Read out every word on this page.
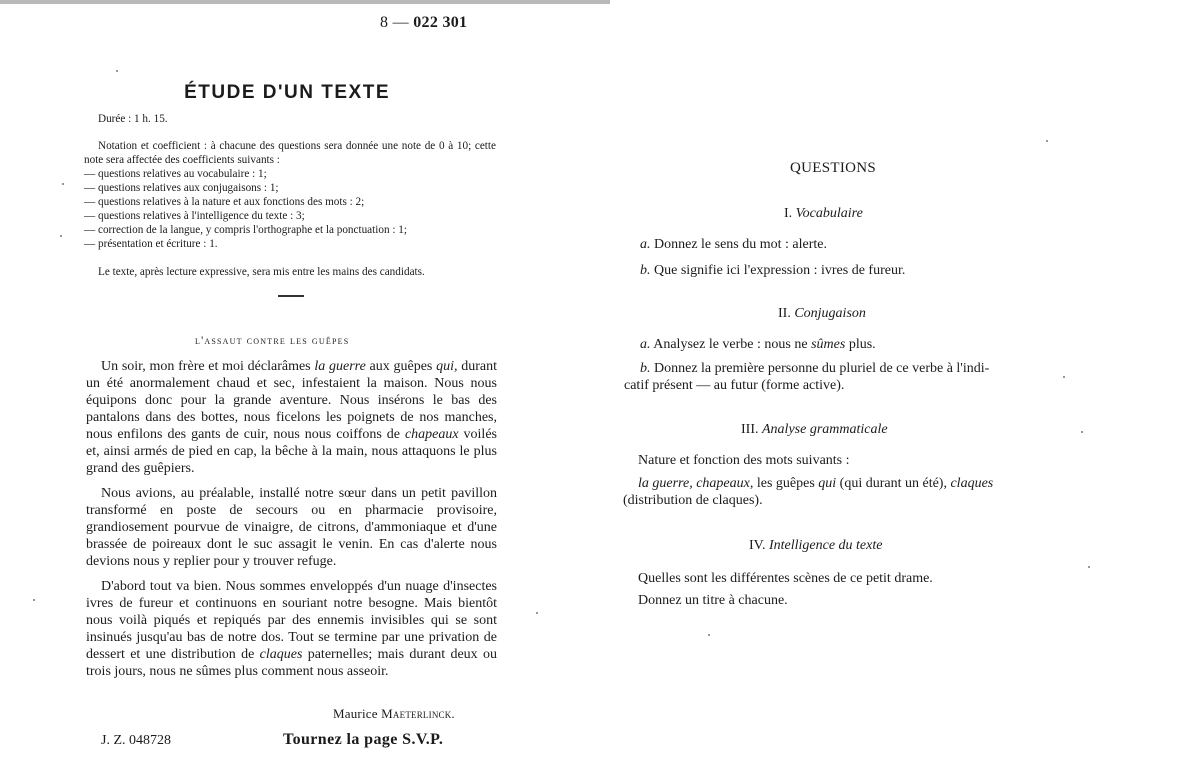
8 — 022 301
ÉTUDE D'UN TEXTE
Durée : 1 h. 15.

Notation et coefficient : à chacune des questions sera donnée une note de 0 à 10; cette note sera affectée des coefficients suivants :

— questions relatives au vocabulaire : 1;
— questions relatives aux conjugaisons : 1;
— questions relatives à la nature et aux fonctions des mots : 2;
— questions relatives à l'intelligence du texte : 3;
— correction de la langue, y compris l'orthographe et la ponctuation : 1;
— présentation et écriture : 1.
Le texte, après lecture expressive, sera mis entre les mains des candidats.
l'assaut contre les guêpes

Un soir, mon frère et moi déclarâmes la guerre aux guêpes qui, durant un été anormalement chaud et sec, infestaient la maison. Nous nous équipons donc pour la grande aventure. Nous insérons le bas des pantalons dans des bottes, nous ficelons les poignets de nos manches, nous enfilons des gants de cuir, nous nous coiffons de chapeaux voilés et, ainsi armés de pied en cap, la bêche à la main, nous attaquons le plus grand des guêpiers.

Nous avions, au préalable, installé notre sœur dans un petit pavillon transformé en poste de secours ou en pharmacie provisoire, grandiosement pourvue de vinaigre, de citrons, d'ammoniaque et d'une brassée de poireaux dont le suc assagit le venin. En cas d'alerte nous devions nous y replier pour y trouver refuge.

D'abord tout va bien. Nous sommes enveloppés d'un nuage d'insectes ivres de fureur et continuons en souriant notre besogne. Mais bientôt nous voilà piqués et repiqués par des ennemis invisibles qui se sont insinués jusqu'au bas de notre dos. Tout se termine par une privation de dessert et une distribution de claques paternelles; mais durant deux ou trois jours, nous ne sûmes plus comment nous asseoir.

Maurice Maeterlinck.
J. Z. 048728	Tournez la page S.V.P.
QUESTIONS
I. Vocabulaire
a. Donnez le sens du mot : alerte.
b. Que signifie ici l'expression : ivres de fureur.
II. Conjugaison
a. Analysez le verbe : nous ne sûmes plus.
b. Donnez la première personne du pluriel de ce verbe à l'indi-
catif présent — au futur (forme active).
III. Analyse grammaticale
Nature et fonction des mots suivants :
la guerre, chapeaux, les guêpes qui (qui durant un été), claques
(distribution de claques).
IV. Intelligence du texte
Quelles sont les différentes scènes de ce petit drame.
Donnez un titre à chacune.
